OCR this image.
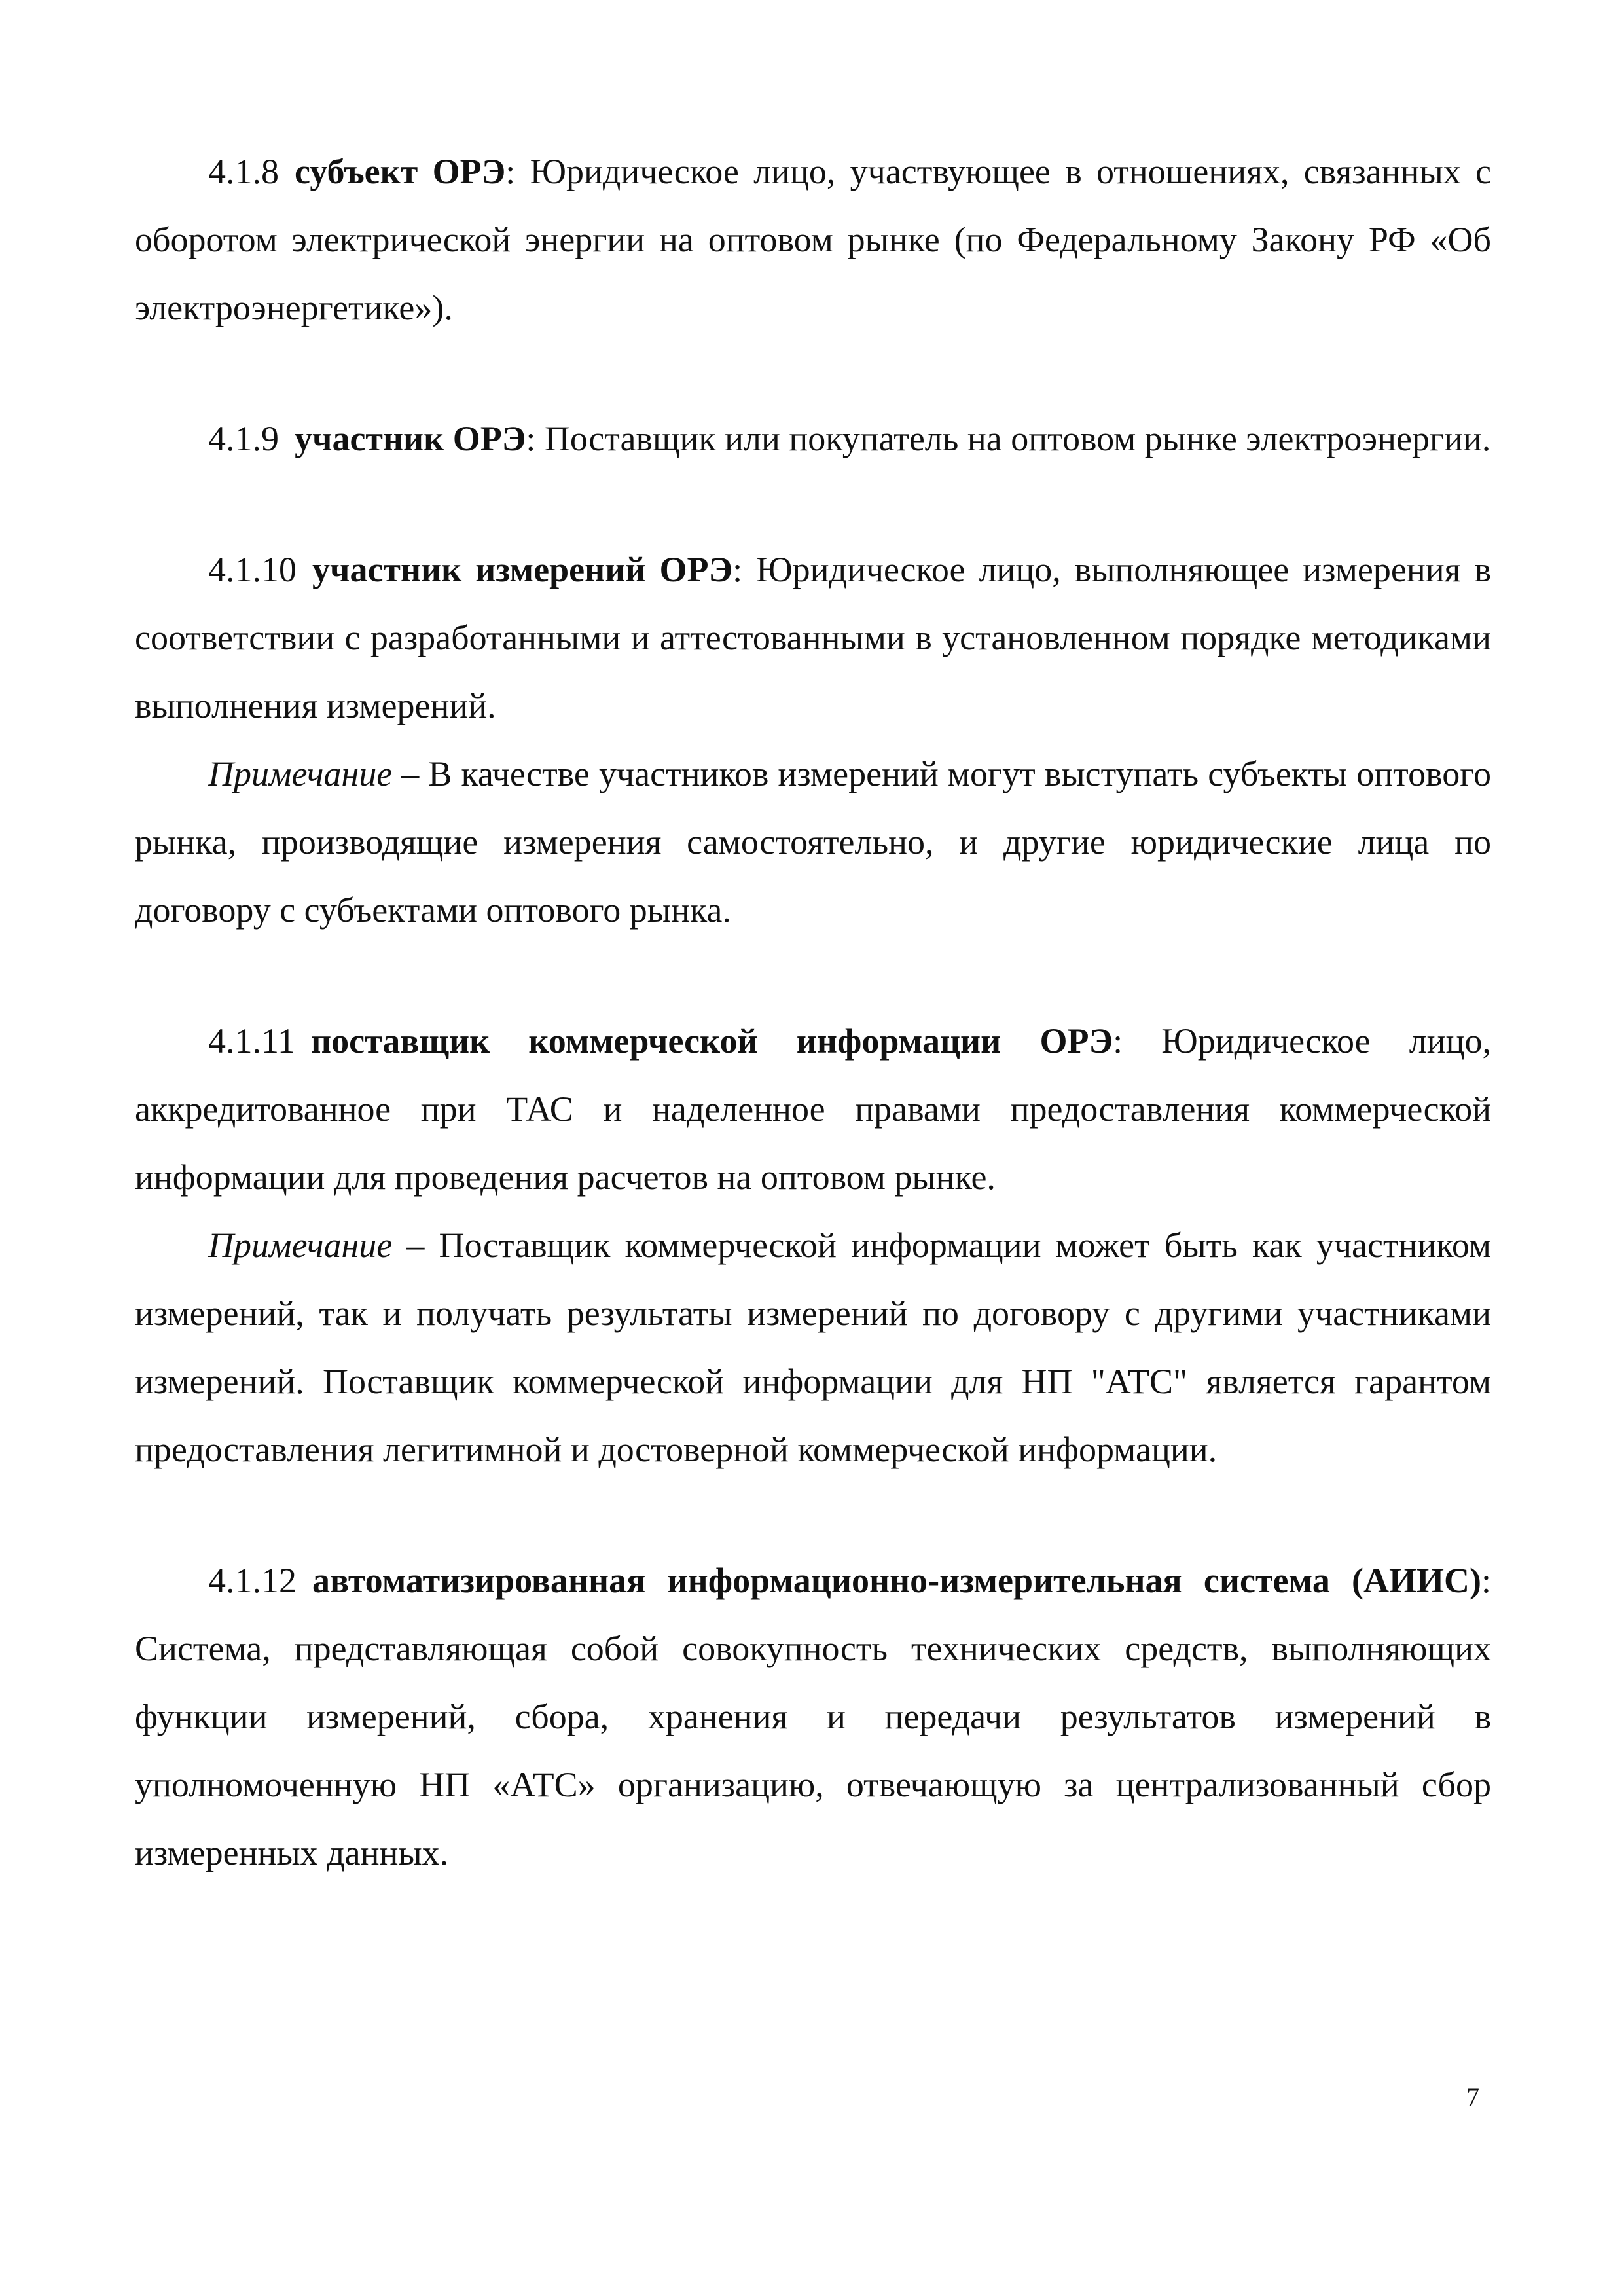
4.1.8 субъект ОРЭ: Юридическое лицо, участвующее в отношениях, связанных с оборотом электрической энергии на оптовом рынке (по Федеральному Закону РФ «Об электроэнергетике»).

4.1.9 участник ОРЭ: Поставщик или покупатель на оптовом рынке электроэнергии.

4.1.10 участник измерений ОРЭ: Юридическое лицо, выполняющее измерения в соответствии с разработанными и аттестованными в установленном порядке методиками выполнения измерений.

Примечание – В качестве участников измерений могут выступать субъекты оптового рынка, производящие измерения самостоятельно, и другие юридические лица по договору с субъектами оптового рынка.

4.1.11 поставщик коммерческой информации ОРЭ: Юридическое лицо, аккредитованное при ТАС и наделенное правами предоставления коммерческой информации для проведения расчетов на оптовом рынке.

Примечание – Поставщик коммерческой информации может быть как участником измерений, так и получать результаты измерений по договору с другими участниками измерений. Поставщик коммерческой информации для НП "АТС" является гарантом предоставления легитимной и достоверной коммерческой информации.

4.1.12 автоматизированная информационно-измерительная система (АИИС): Система, представляющая собой совокупность технических средств, выполняющих функции измерений, сбора, хранения и передачи результатов измерений в уполномоченную НП «АТС» организацию, отвечающую за централизованный сбор измеренных данных.

7
